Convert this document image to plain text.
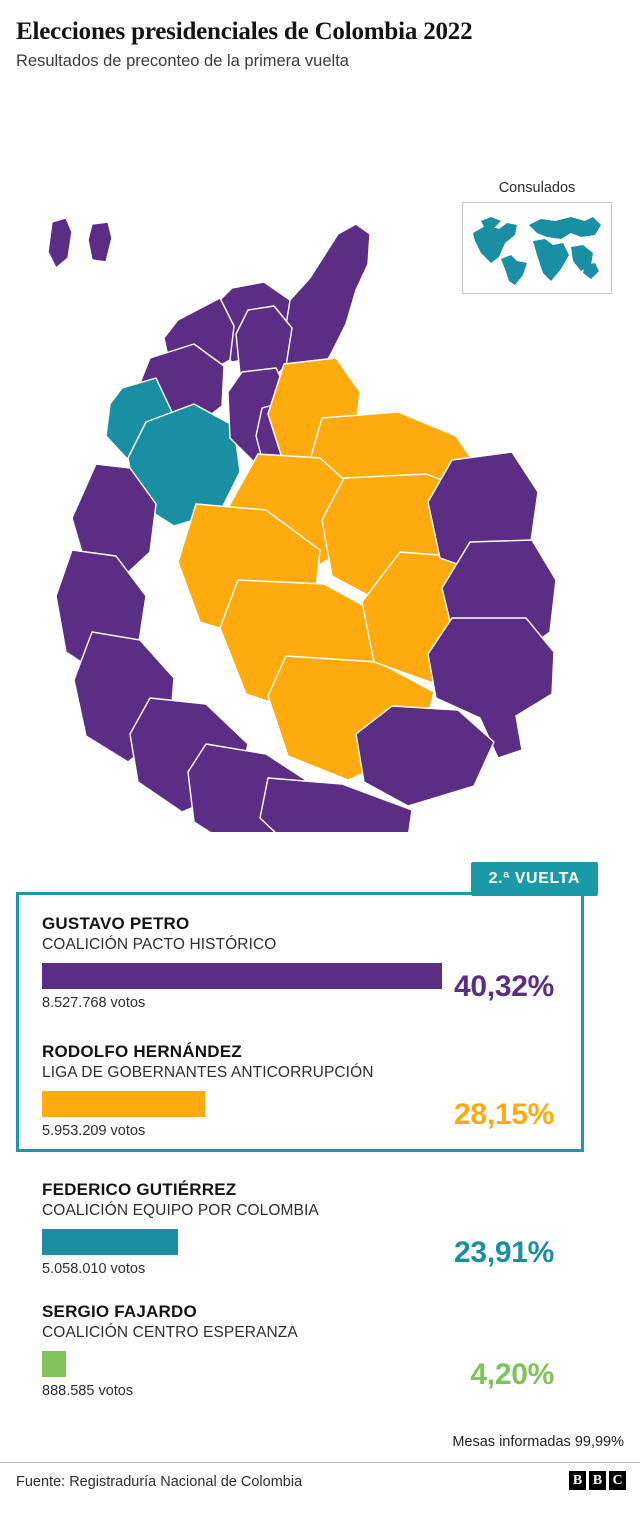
Elecciones presidenciales de Colombia 2022

Resultados de preconteo de la primera vuelta

Consulados
2.ª VUELTA

GUSTAVO PETRO

COALICIÓN PACTO HISTÓRICO

8.527.768 votos	40,32%

RODOLFO HERNÁNDEZ

LIGA DE GOBERNANTES ANTICORRUPCIÓN

5.953.209 votos	28,15%

FEDERICO GUTIÉRREZ

COALICIÓN EQUIPO POR COLOMBIA

5.058.010 votos	23,91%

SERGIO FAJARDO

COALICIÓN CENTRO ESPERANZA

888.585 votos	4,20%
Mesas informadas 99,99%
Fuente: Registraduría Nacional de Colombia	B B C
